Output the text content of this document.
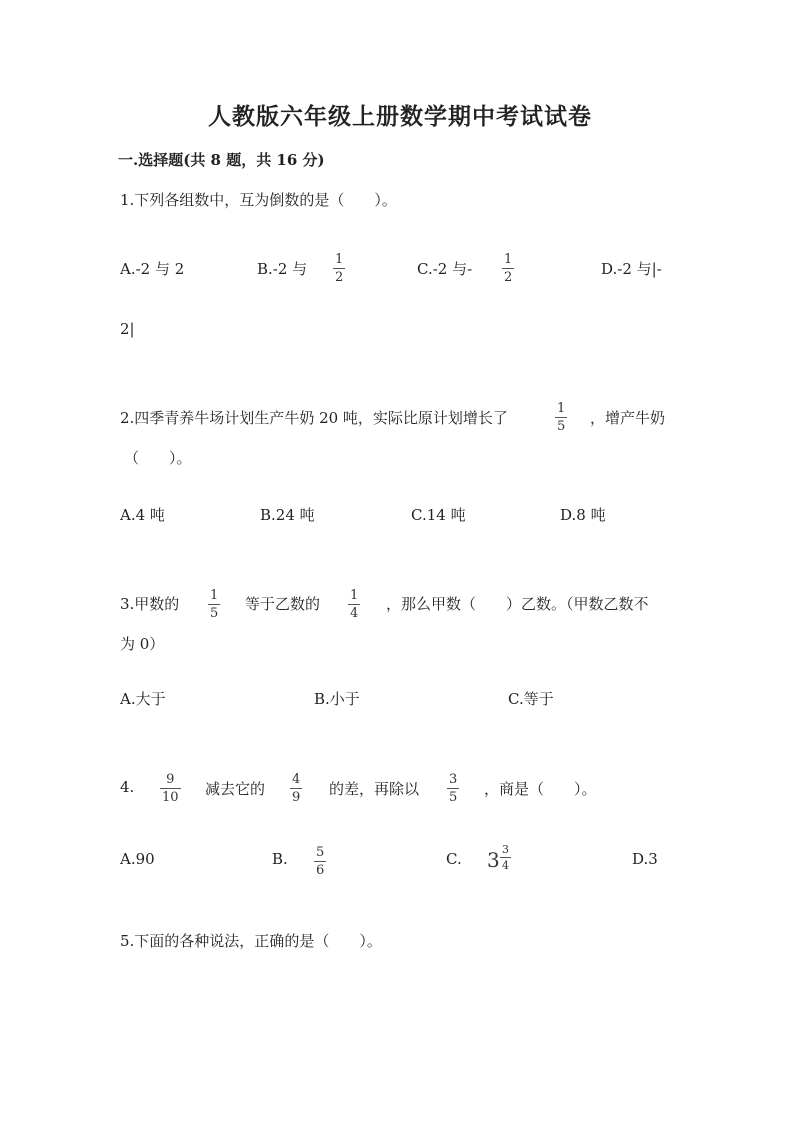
人教版六年级上册数学期中考试试卷
一.选择题(共 8 题，共 16 分)
1.下列各组数中，互为倒数的是（　　）。
A.-2 与 2	B.-2 与
1
2	C.-2 与-
1
2	D.-2 与|-
2|
2.四季青养牛场计划生产牛奶 20 吨，实际比原计划增长了
1
5 ，增产牛奶
（　　）。
A.4 吨	B.24 吨	C.14 吨	D.8 吨
3.甲数的 1
5
等于乙数的 1
4
，那么甲数（　　）乙数。（甲数乙数不
为 0）
A.大于	B.小于	C.等于
4. 9
10 减去它的
4
9 的差，再除以
3
5 ，商是（　　）。
A.90	B. 5
6
C. 3 3
4	D.3
5.下面的各种说法，正确的是（　　）。
